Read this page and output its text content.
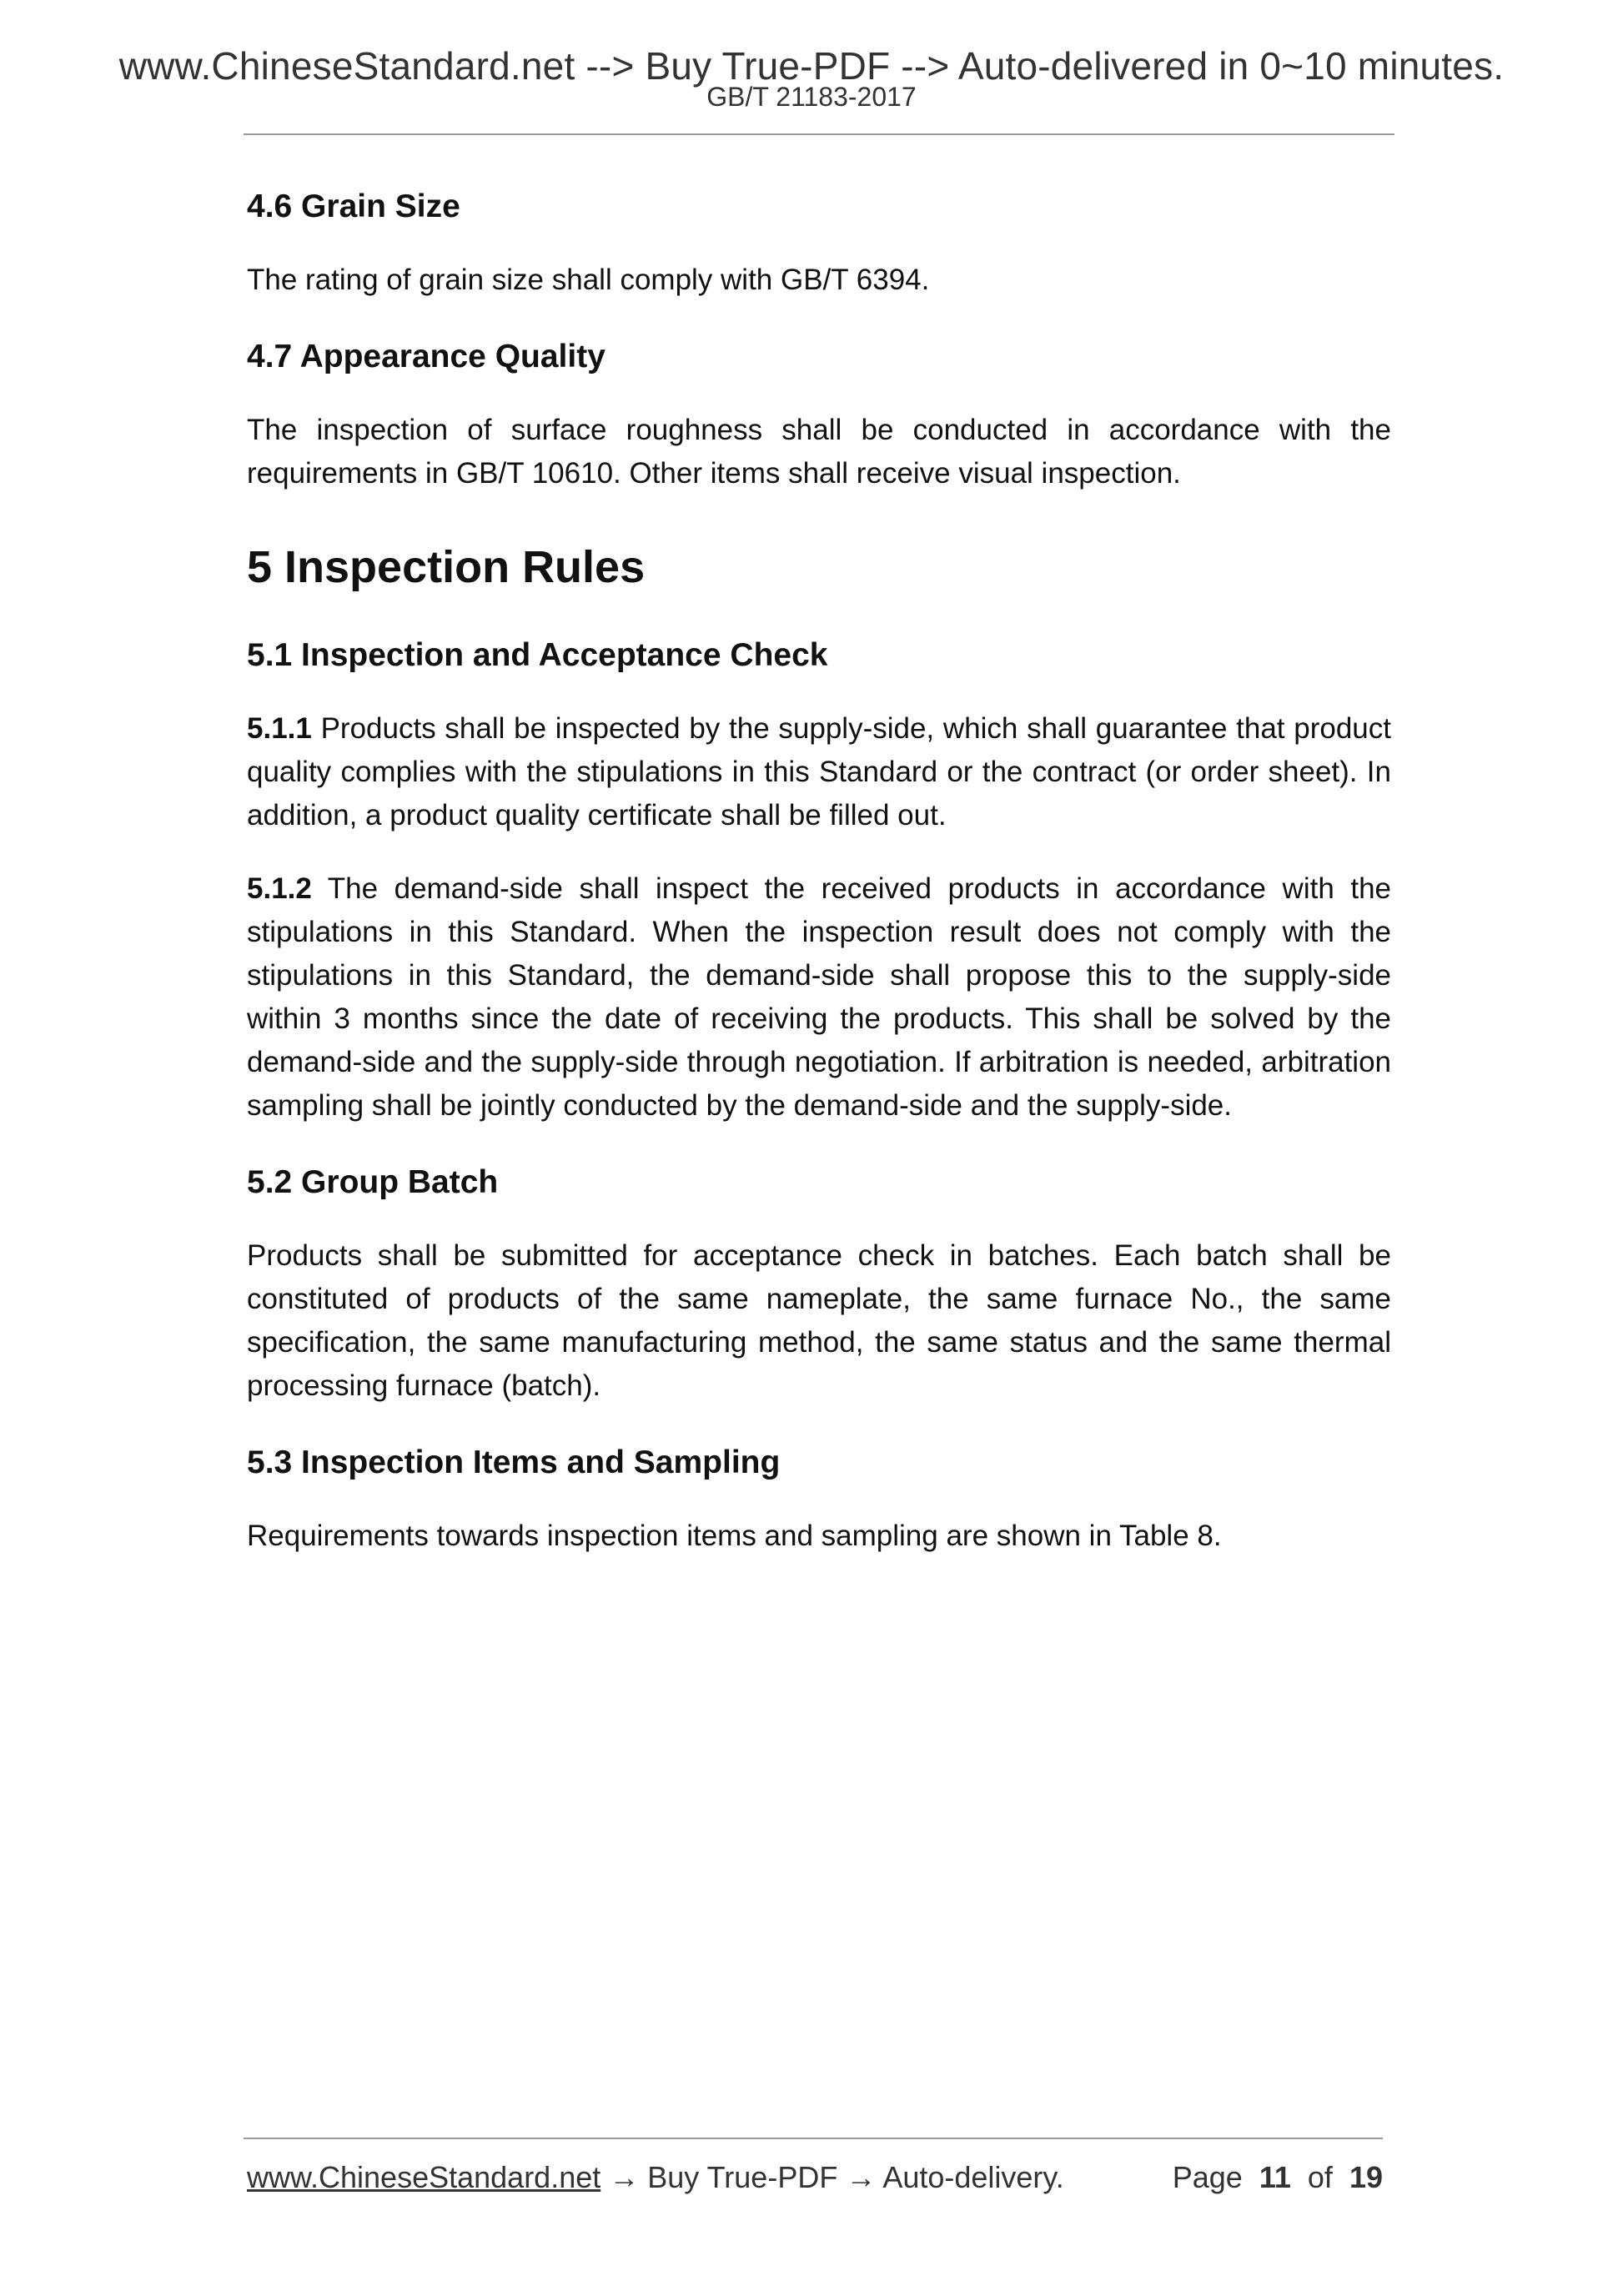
www.ChineseStandard.net --> Buy True-PDF --> Auto-delivered in 0~10 minutes.
GB/T 21183-2017
4.6 Grain Size

The rating of grain size shall comply with GB/T 6394.

4.7 Appearance Quality

The inspection of surface roughness shall be conducted in accordance with the requirements in GB/T 10610. Other items shall receive visual inspection.

5 Inspection Rules
5.1 Inspection and Acceptance Check

5.1.1 Products shall be inspected by the supply-side, which shall guarantee that product quality complies with the stipulations in this Standard or the contract (or order sheet). In addition, a product quality certificate shall be filled out.

5.1.2 The demand-side shall inspect the received products in accordance with the stipulations in this Standard. When the inspection result does not comply with the stipulations in this Standard, the demand-side shall propose this to the supply-side within 3 months since the date of receiving the products. This shall be solved by the demand-side and the supply-side through negotiation. If arbitration is needed, arbitration sampling shall be jointly conducted by the demand-side and the supply-side.

5.2 Group Batch

Products shall be submitted for acceptance check in batches. Each batch shall be constituted of products of the same nameplate, the same furnace No., the same specification, the same manufacturing method, the same status and the same thermal processing furnace (batch).

5.3 Inspection Items and Sampling

Requirements towards inspection items and sampling are shown in Table 8.

www.ChineseStandard.net → Buy True-PDF → Auto-delivery.	Page 11 of 19
